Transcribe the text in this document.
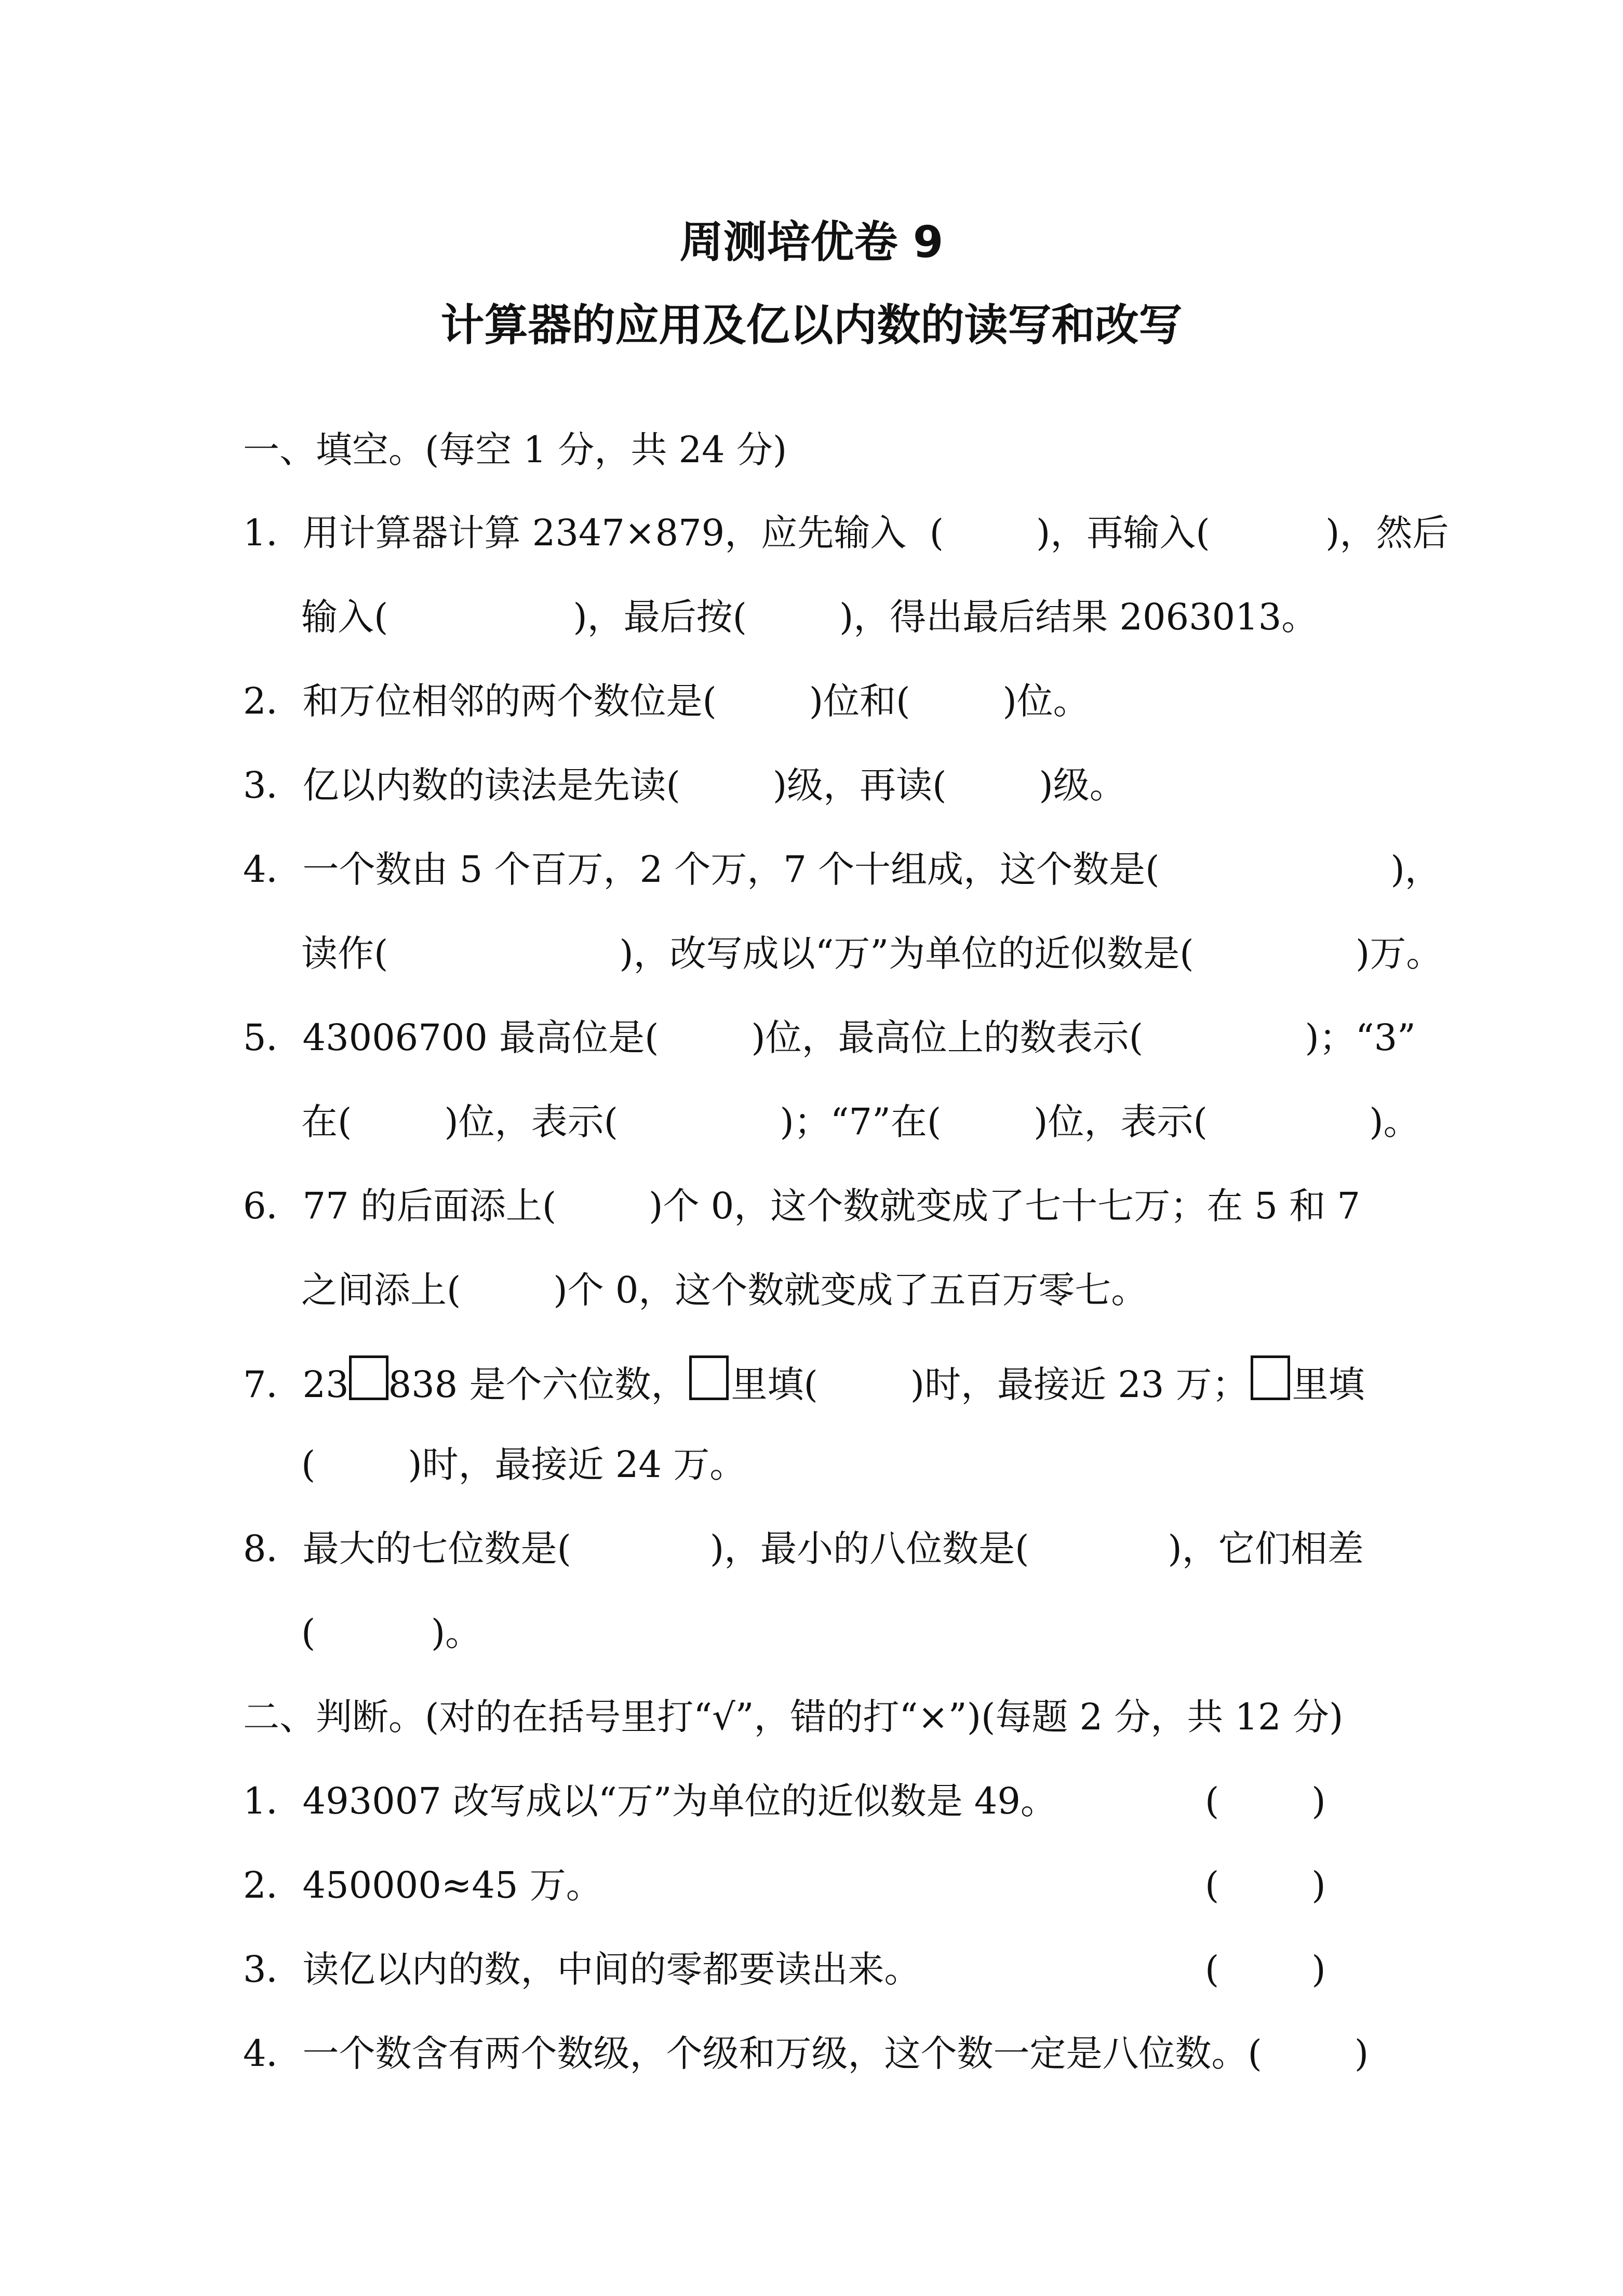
周测培优卷 9
计算器的应用及亿以内数的读写和改写
一、填空。(每空 1 分，共 24 分)
1．用计算器计算 2347×879，应先输入  (        )，再输入(          )，然后
输入(                )，最后按(        )，得出最后结果 2063013。
2．和万位相邻的两个数位是(        )位和(        )位。
3．亿以内数的读法是先读(        )级，再读(        )级。
4．一个数由 5 个百万，2 个万，7 个十组成，这个数是(                    )，
读作(                    )，改写成以“万”为单位的近似数是(              )万。
5．43006700 最高位是(        )位，最高位上的数表示(              )；“3”
在(        )位，表示(              )；“7”在(        )位，表示(              )。
6．77 的后面添上(        )个 0，这个数就变成了七十七万；在 5 和 7
之间添上(        )个 0，这个数就变成了五百万零七。
7．23 838 是个六位数， 里填(        )时，最接近 23 万； 里填
(        )时，最接近 24 万。
8．最大的七位数是(            )，最小的八位数是(            )，它们相差
(          )。
二、判断。(对的在括号里打“√”，错的打“×”)(每题 2 分，共 12 分)
1．493007 改写成以“万”为单位的近似数是 49。	(        )
2．450000≈45 万。	(        )
3．读亿以内的数，中间的零都要读出来。	(        )
4．一个数含有两个数级，个级和万级，这个数一定是八位数。(        )
